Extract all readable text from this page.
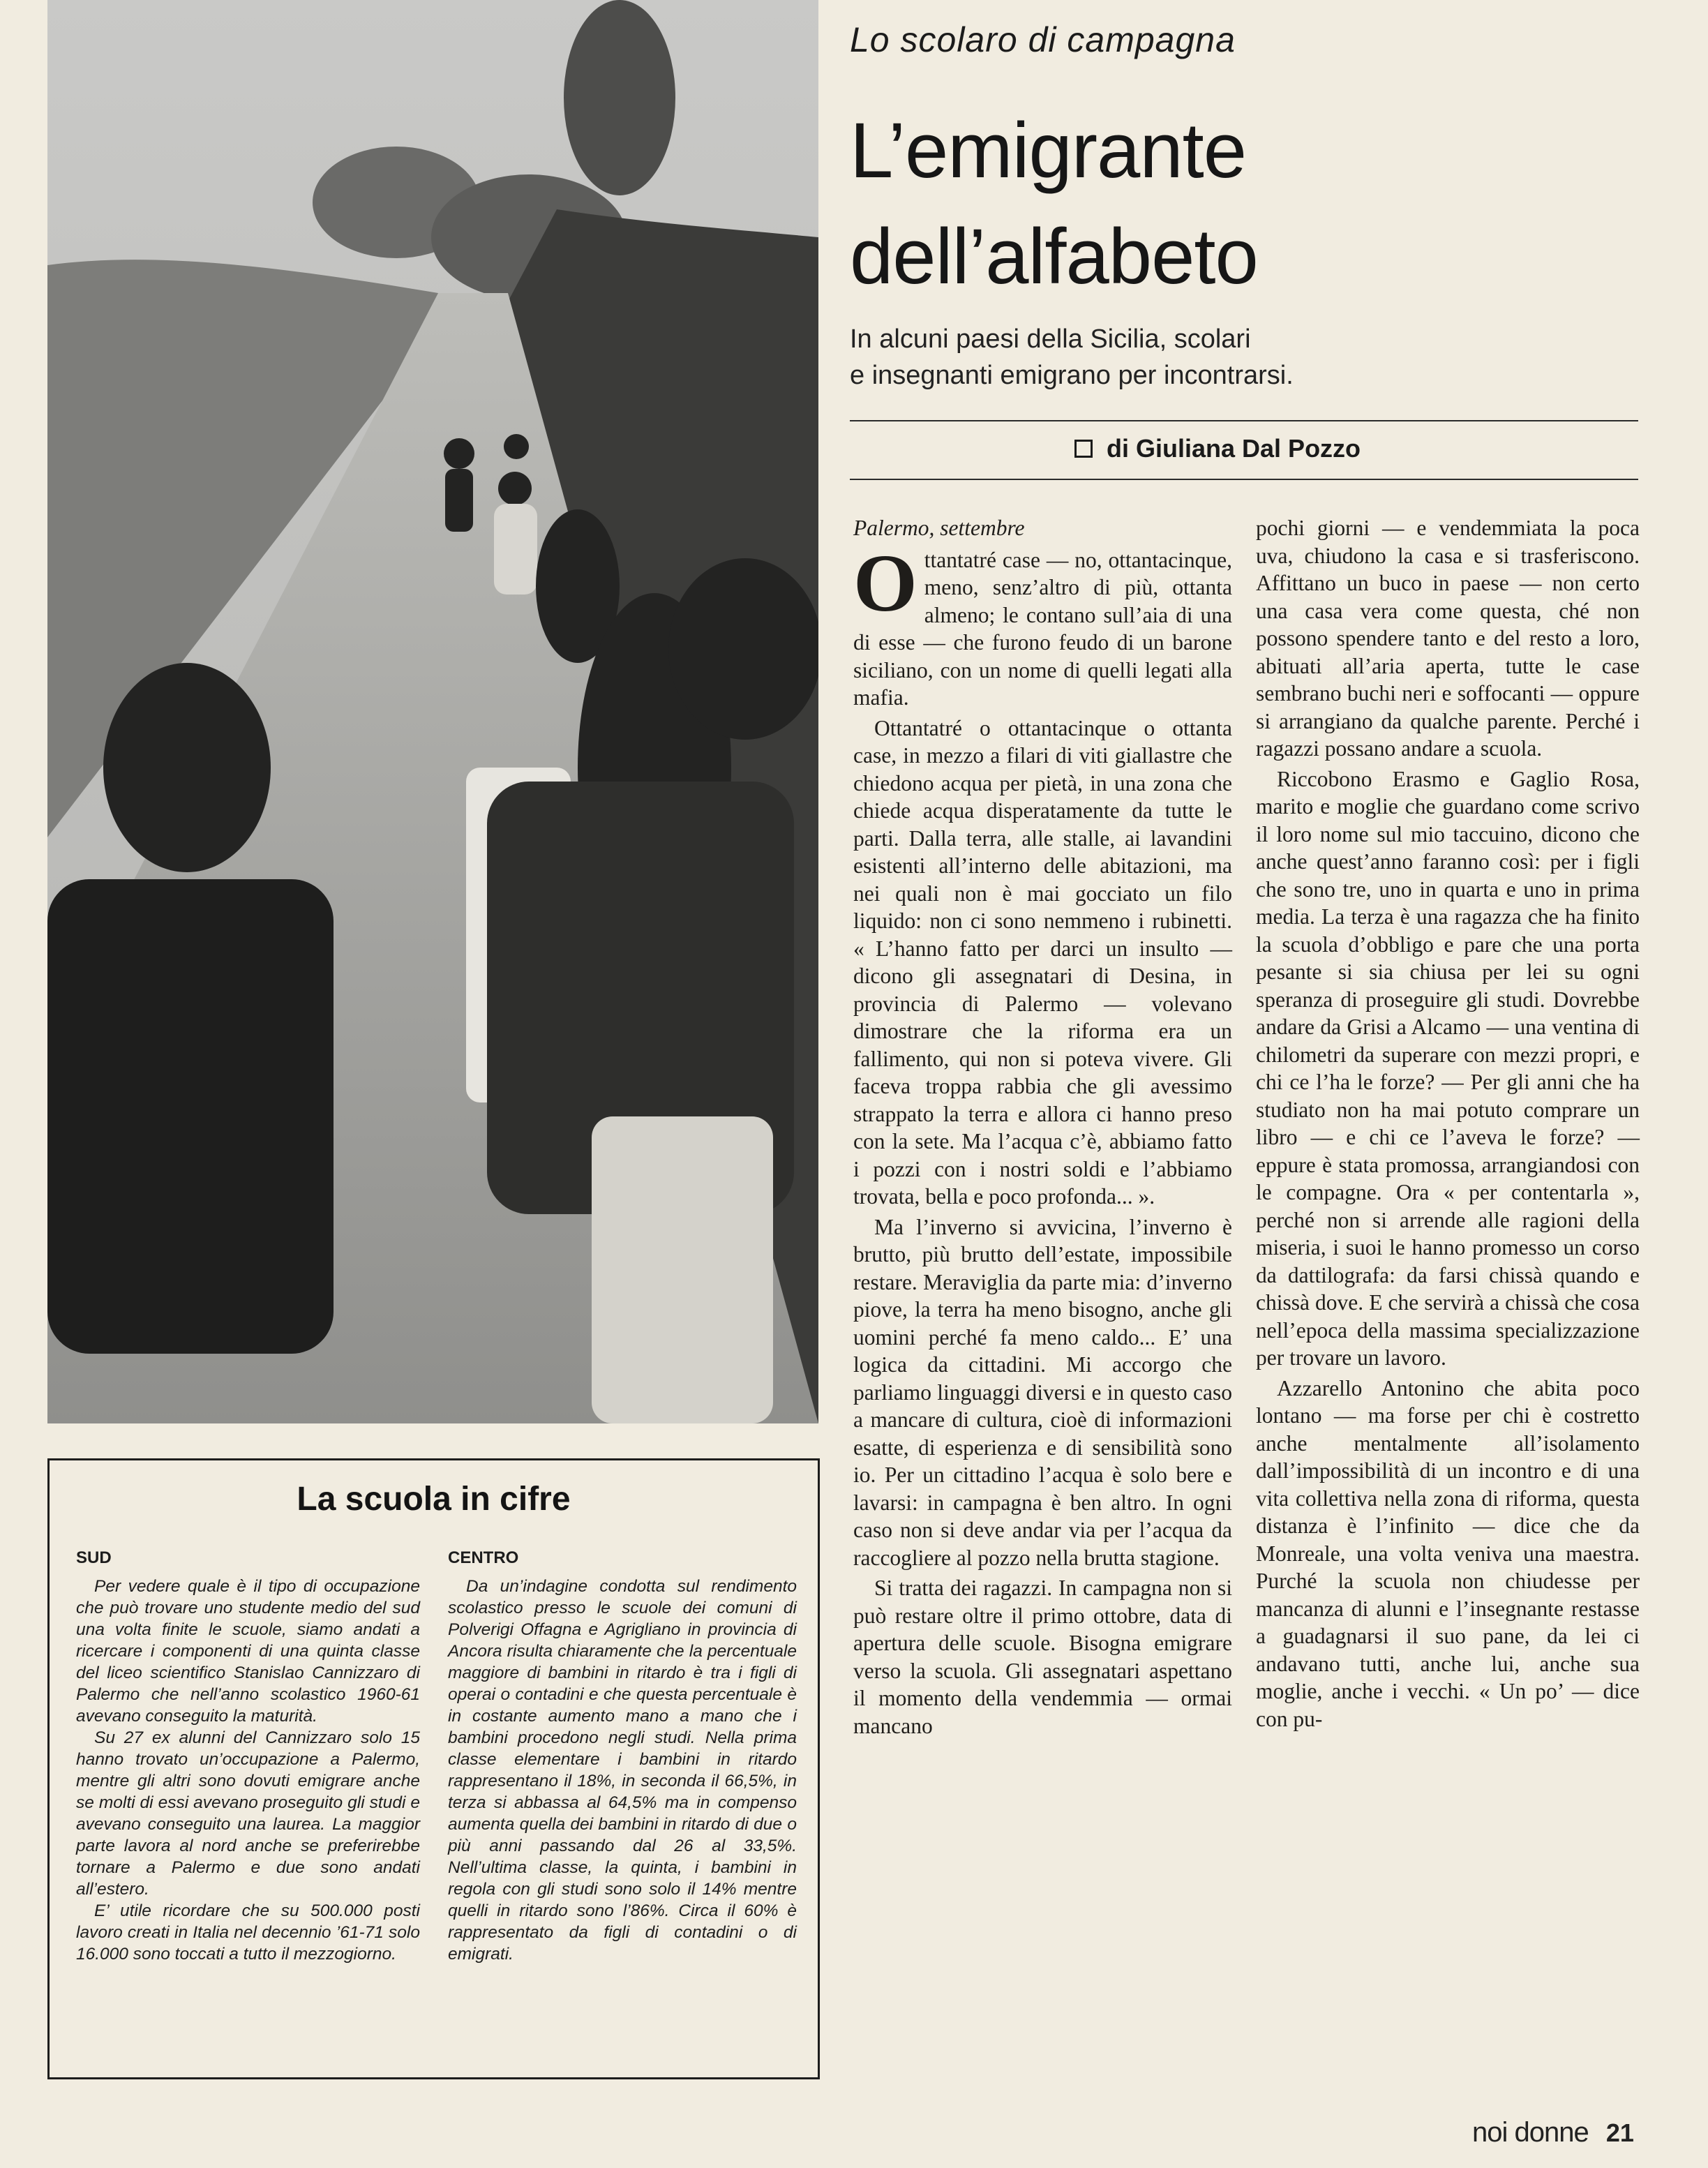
Lo scolaro di campagna
L’emigrante
dell’alfabeto
In alcuni paesi della Sicilia, scolari
e insegnanti emigrano per incontrarsi.
di Giuliana Dal Pozzo

Palermo, settembre

Ottantatré case — no, ottantacinque, meno, senz’altro di più, ottanta almeno; le contano sull’aia di una di esse — che furono feudo di un barone siciliano, con un nome di quelli legati alla mafia.

Ottantatré o ottantacinque o ottanta case, in mezzo a filari di viti giallastre che chiedono acqua per pietà, in una zona che chiede acqua disperatamente da tutte le parti. Dalla terra, alle stalle, ai lavandini esistenti all’interno delle abitazioni, ma nei quali non è mai gocciato un filo liquido: non ci sono nemmeno i rubinetti. « L’hanno fatto per darci un insulto — dicono gli assegnatari di Desina, in provincia di Palermo — volevano dimostrare che la riforma era un fallimento, qui non si poteva vivere. Gli faceva troppa rabbia che gli avessimo strappato la terra e allora ci hanno preso con la sete. Ma l’acqua c’è, abbiamo fatto i pozzi con i nostri soldi e l’abbiamo trovata, bella e poco profonda... ».

Ma l’inverno si avvicina, l’inverno è brutto, più brutto dell’estate, impossibile restare. Meraviglia da parte mia: d’inverno piove, la terra ha meno bisogno, anche gli uomini perché fa meno caldo... E’ una logica da cittadini. Mi accorgo che parliamo linguaggi diversi e in questo caso a mancare di cultura, cioè di informazioni esatte, di esperienza e di sensibilità sono io. Per un cittadino l’acqua è solo bere e lavarsi: in campagna è ben altro. In ogni caso non si deve andar via per l’acqua da raccogliere al pozzo nella brutta stagione.

Si tratta dei ragazzi. In campagna non si può restare oltre il primo ottobre, data di apertura delle scuole. Bisogna emigrare verso la scuola. Gli assegnatari aspettano il momento della vendemmia — ormai mancano

pochi giorni — e vendemmiata la poca uva, chiudono la casa e si trasferiscono. Affittano un buco in paese — non certo una casa vera come questa, ché non possono spendere tanto e del resto a loro, abituati all’aria aperta, tutte le case sembrano buchi neri e soffocanti — oppure si arrangiano da qualche parente. Perché i ragazzi possano andare a scuola.

Riccobono Erasmo e Gaglio Rosa, marito e moglie che guardano come scrivo il loro nome sul mio taccuino, dicono che anche quest’anno faranno così: per i figli che sono tre, uno in quarta e uno in prima media. La terza è una ragazza che ha finito la scuola d’obbligo e pare che una porta pesante si sia chiusa per lei su ogni speranza di proseguire gli studi. Dovrebbe andare da Grisi a Alcamo — una ventina di chilometri da superare con mezzi propri, e chi ce l’ha le forze? — Per gli anni che ha studiato non ha mai potuto comprare un libro — e chi ce l’aveva le forze? — eppure è stata promossa, arrangiandosi con le compagne. Ora « per contentarla », perché non si arrende alle ragioni della miseria, i suoi le hanno promesso un corso da dattilografa: da farsi chissà quando e chissà dove. E che servirà a chissà che cosa nell’epoca della massima specializzazione per trovare un lavoro.

Azzarello Antonino che abita poco lontano — ma forse per chi è costretto anche mentalmente all’isolamento dall’impossibilità di un incontro e di una vita collettiva nella zona di riforma, questa distanza è l’infinito — dice che da Monreale, una volta veniva una maestra. Purché la scuola non chiudesse per mancanza di alunni e l’insegnante restasse a guadagnarsi il suo pane, da lei ci andavano tutti, anche lui, anche sua moglie, anche i vecchi. « Un po’ — dice con pu-

La scuola in cifre
SUD

Per vedere quale è il tipo di occupazione che può trovare uno studente medio del sud una volta finite le scuole, siamo andati a ricercare i componenti di una quinta classe del liceo scientifico Stanislao Cannizzaro di Palermo che nell’anno scolastico 1960-61 avevano conseguito la maturità.

Su 27 ex alunni del Cannizzaro solo 15 hanno trovato un’occupazione a Palermo, mentre gli altri sono dovuti emigrare anche se molti di essi avevano proseguito gli studi e avevano conseguito una laurea. La maggior parte lavora al nord anche se preferirebbe tornare a Palermo e due sono andati all’estero.

E’ utile ricordare che su 500.000 posti lavoro creati in Italia nel decennio ’61-71 solo 16.000 sono toccati a tutto il mezzogiorno.

CENTRO

Da un’indagine condotta sul rendimento scolastico presso le scuole dei comuni di Polverigi Offagna e Agrigliano in provincia di Ancora risulta chiaramente che la percentuale maggiore di bambini in ritardo è tra i figli di operai o contadini e che questa percentuale è in costante aumento mano a mano che i bambini procedono negli studi. Nella prima classe elementare i bambini in ritardo rappresentano il 18%, in seconda il 66,5%, in terza si abbassa al 64,5% ma in compenso aumenta quella dei bambini in ritardo di due o più anni passando dal 26 al 33,5%. Nell’ultima classe, la quinta, i bambini in regola con gli studi sono solo il 14% mentre quelli in ritardo sono l’86%. Circa il 60% è rappresentato da figli di contadini o di emigrati.

noi donne 21
